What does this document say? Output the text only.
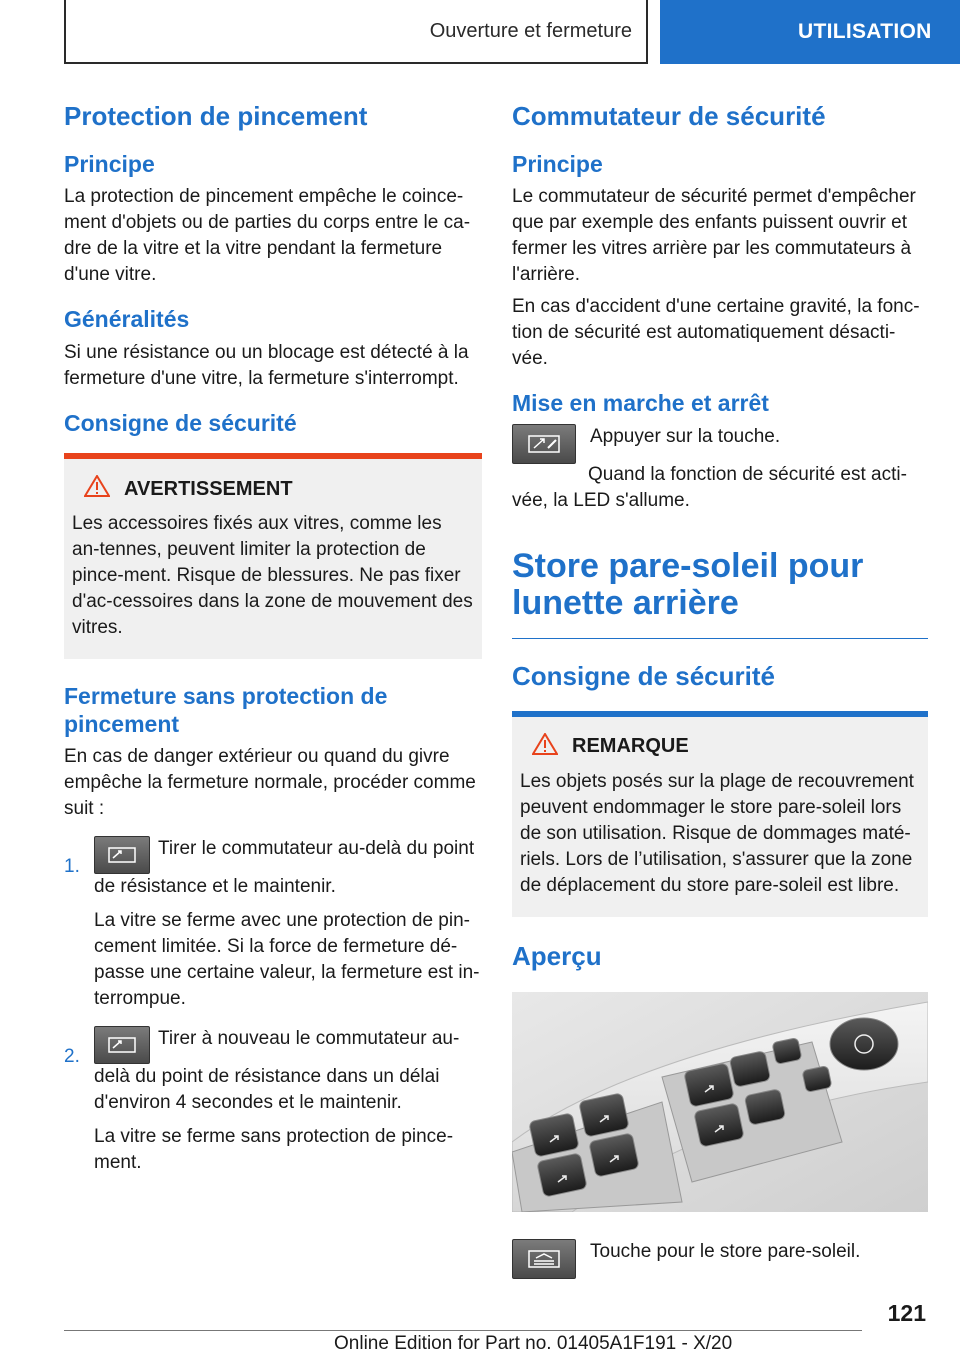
Ouverture et fermeture	UTILISATION
Protection de pincement
Principe

La protection de pincement empêche le coince-ment d'objets ou de parties du corps entre le ca-dre de la vitre et la vitre pendant la fermeture d'une vitre.

Généralités

Si une résistance ou un blocage est détecté à la fermeture d'une vitre, la fermeture s'interrompt.

Consigne de sécurité
AVERTISSEMENT

Les accessoires fixés aux vitres, comme les an-tennes, peuvent limiter la protection de pince-ment. Risque de blessures. Ne pas fixer d'ac-cessoires dans la zone de mouvement des vitres.

Fermeture sans protection de pincement

En cas de danger extérieur ou quand du givre empêche la fermeture normale, procéder comme suit :

1.

Tirer le commutateur au-delà du point de résistance et le maintenir.

La vitre se ferme avec une protection de pin-cement limitée. Si la force de fermeture dé-passe une certaine valeur, la fermeture est in-terrompue.

2.

Tirer à nouveau le commutateur au-delà du point de résistance dans un délai d'environ 4 secondes et le maintenir.

La vitre se ferme sans protection de pince-ment.

Commutateur de sécurité
Principe

Le commutateur de sécurité permet d'empêcher que par exemple des enfants puissent ouvrir et fermer les vitres arrière par les commutateurs à l'arrière.

En cas d'accident d'une certaine gravité, la fonc-tion de sécurité est automatiquement désacti-vée.

Mise en marche et arrêt

Appuyer sur la touche.

Quand la fonction de sécurité est acti-vée, la LED s'allume.

Store pare-soleil pour lunette arrière
Consigne de sécurité
REMARQUE

Les objets posés sur la plage de recouvrement peuvent endommager le store pare-soleil lors de son utilisation. Risque de dommages maté-riels. Lors de l’utilisation, s'assurer que la zone de déplacement du store pare-soleil est libre.

Aperçu

Touche pour le store pare-soleil.

121
Online Edition for Part no. 01405A1F191 - X/20
